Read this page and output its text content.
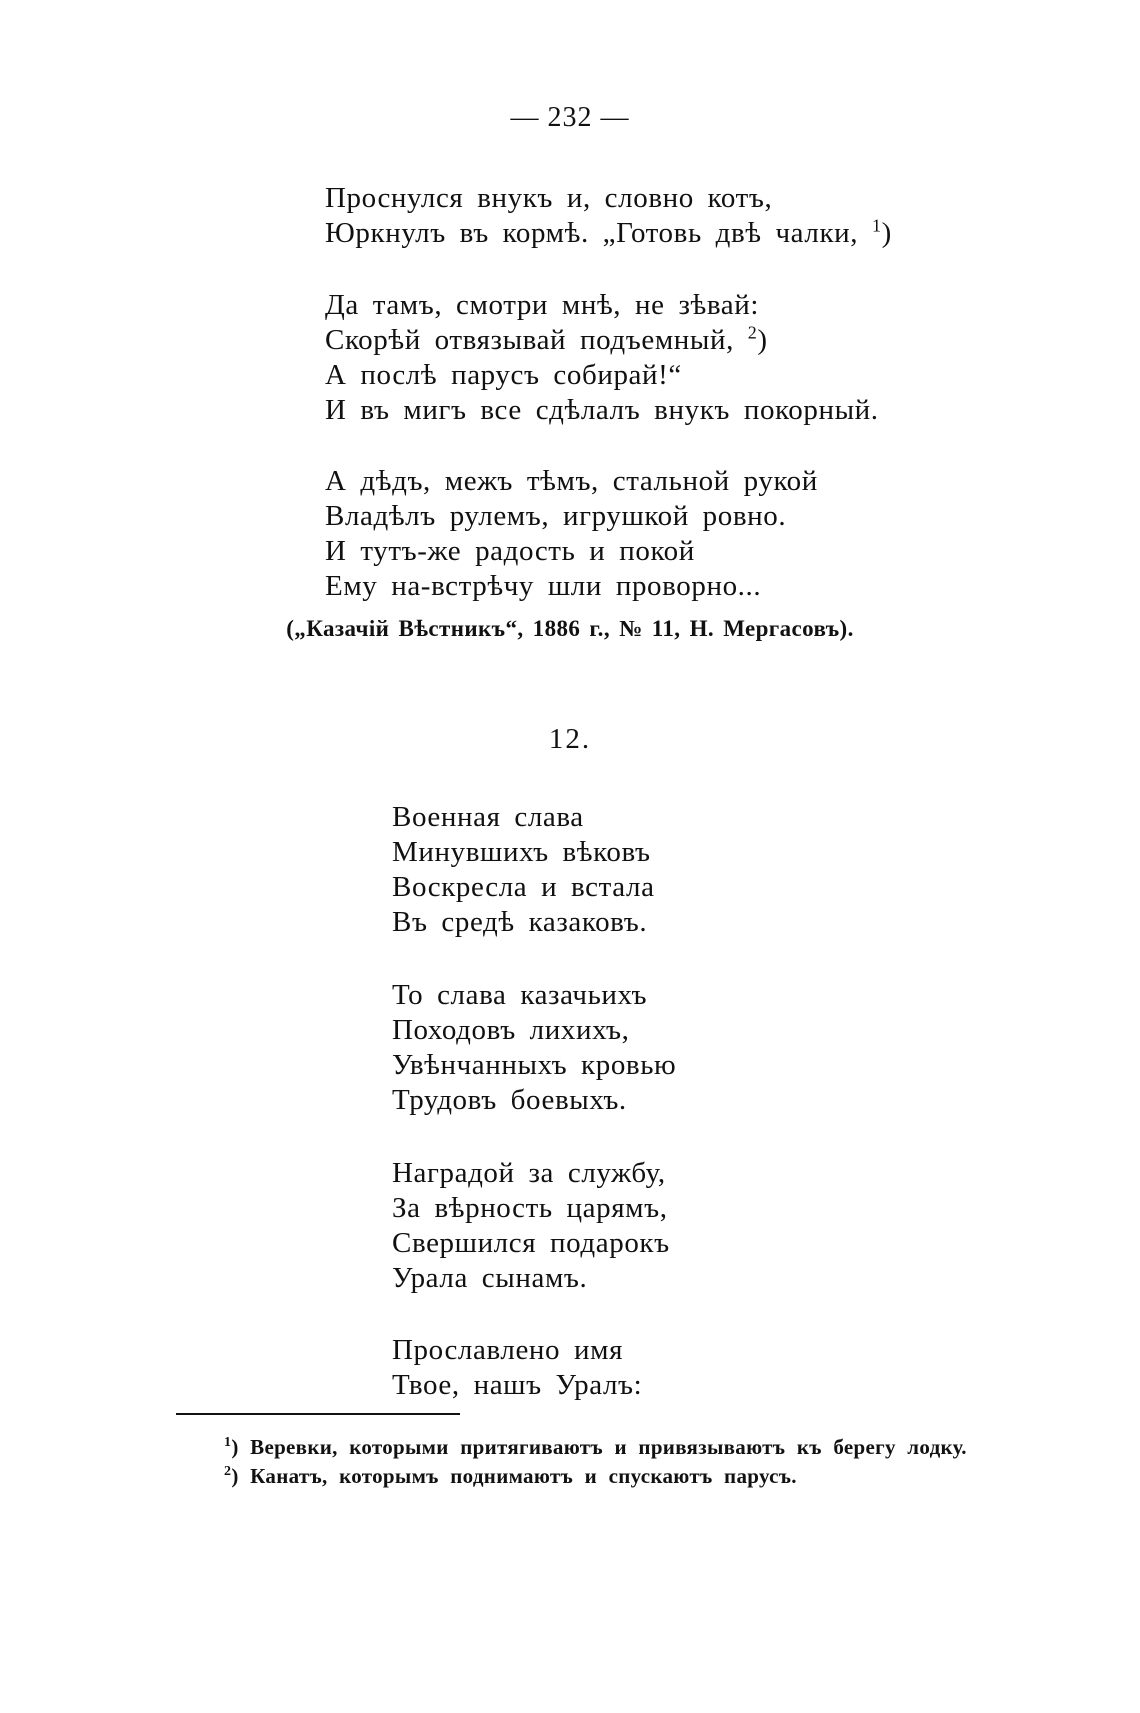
— 232 —
Проснулся внукъ и, словно котъ,
Юркнулъ въ кормѣ. „Готовь двѣ чалки, $^1$)
Да тамъ, смотри мнѣ, не зѣвай:
Скорѣй отвязывай подъемный, $^2$)
А послѣ парусъ собирай!“
И въ мигъ все сдѣлалъ внукъ покорный.
А дѣдъ, межъ тѣмъ, стальной рукой
Владѣлъ рулемъ, игрушкой ровно.
И тутъ-же радость и покой
Ему на-встрѣчу шли проворно...
(„Казачій Вѣстникъ“, 1886 г., № 11, Н. Мергасовъ).
12.
Военная слава
Минувшихъ вѣковъ
Воскресла и встала
Въ средѣ казаковъ.
То слава казачьихъ
Походовъ лихихъ,
Увѣнчанныхъ кровью
Трудовъ боевыхъ.
Наградой за службу,
За вѣрность царямъ,
Свершился подарокъ
Урала сынамъ.
Прославлено имя
Твое, нашъ Уралъ:
$^1$) Веревки, которыми притягиваютъ и привязываютъ къ берегу лодку.
$^2$) Канатъ, которымъ поднимаютъ и спускаютъ парусъ.
